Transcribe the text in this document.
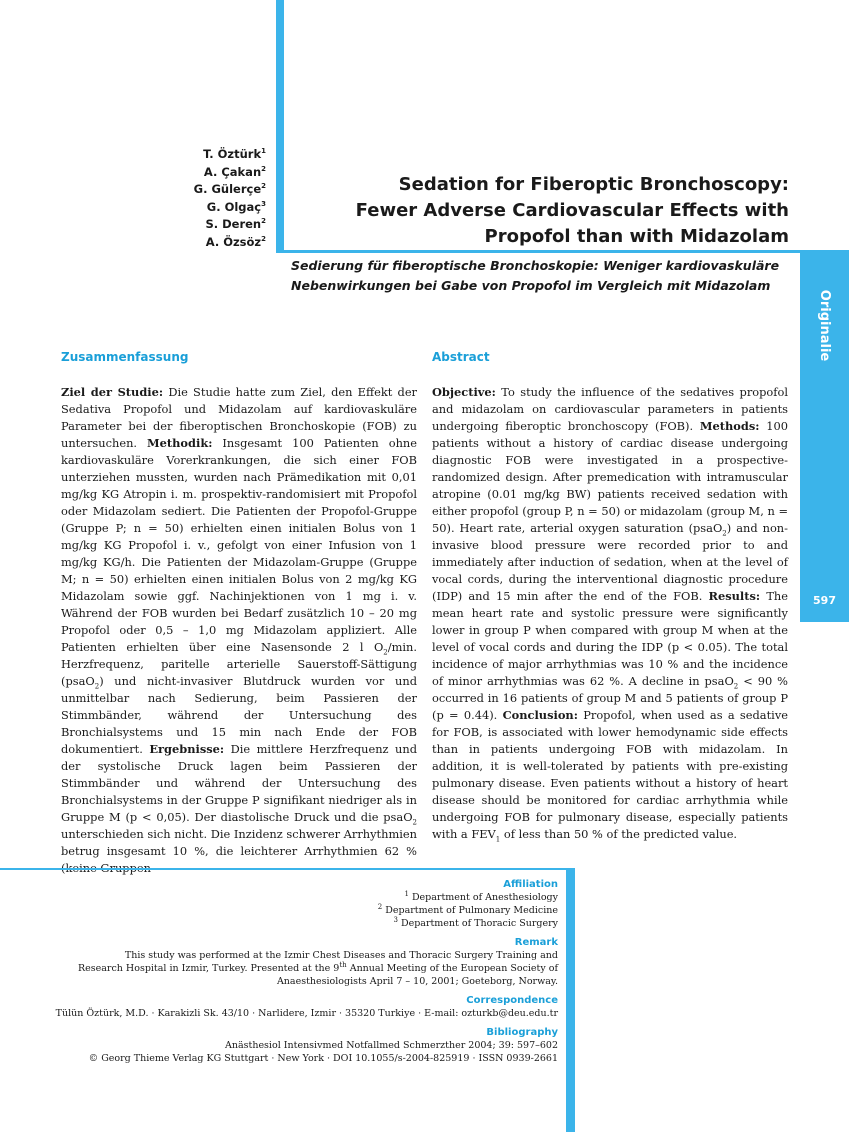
Originalie
597
T. Öztürk$^1$
A. Çakan$^2$
G. Gülerçe$^2$
G. Olgaç$^3$
S. Deren$^2$
A. Özsöz$^2$
Sedation for Fiberoptic Bronchoscopy:
Fewer Adverse Cardiovascular Effects with
Propofol than with Midazolam
Sedierung für fiberoptische Bronchoskopie: Weniger kardiovaskuläre
Nebenwirkungen bei Gabe von Propofol im Vergleich mit Midazolam
Zusammenfassung	Abstract
Ziel der Studie: Die Studie hatte zum Ziel, den Effekt der Sedativa Propofol und Midazolam auf kardiovaskuläre Parameter bei der fiberoptischen Bronchoskopie (FOB) zu untersuchen. Methodik: Insgesamt 100 Patienten ohne kardiovaskuläre Vorerkrankungen, die sich einer FOB unterziehen mussten, wurden nach Prämedikation mit 0,01 mg/kg KG Atropin i. m. prospektiv-randomisiert mit Propofol oder Midazolam sediert. Die Patienten der Propofol-Gruppe (Gruppe P; n = 50) erhielten einen initialen Bolus von 1 mg/kg KG Propofol i. v., gefolgt von einer Infusion von 1 mg/kg KG/h. Die Patienten der Midazolam-Gruppe (Gruppe M; n = 50) erhielten einen initialen Bolus von 2 mg/kg KG Midazolam sowie ggf. Nachinjektionen von 1 mg i. v. Während der FOB wurden bei Bedarf zusätzlich 10 – 20 mg Propofol oder 0,5 – 1,0 mg Midazolam appliziert. Alle Patienten erhielten über eine Nasensonde 2 l $O_2/\min$. Herzfrequenz, paritelle arterielle Sauerstoff-Sättigung (psaO$_2$) und nicht-invasiver Blutdruck wurden vor und unmittelbar nach Sedierung, beim Passieren der Stimmbänder, während der Untersuchung des Bronchialsystems und 15 min nach Ende der FOB dokumentiert. Ergebnisse: Die mittlere Herzfrequenz und der systolische Druck lagen beim Passieren der Stimmbänder und während der Untersuchung des Bronchialsystems in der Gruppe P signifikant niedriger als in Gruppe M (p < 0,05). Der diastolische Druck und die psaO$_2$ unterschieden sich nicht. Die Inzidenz schwerer Arrhythmien betrug insgesamt 10 %, die leichterer Arrhythmien 62 %
Objective: To study the influence of the sedatives propofol and midazolam on cardiovascular parameters in patients undergoing fiberoptic bronchoscopy (FOB). Methods: 100 patients without a history of cardiac disease undergoing diagnostic FOB were investigated in a prospective-randomized design. After premedication with intramuscular atropine (0.01 mg/kg BW) patients received sedation with either propofol (group P, n = 50) or midazolam (group M, n = 50). Heart rate, arterial oxygen saturation (psaO$_2$) and non-invasive blood pressure were recorded prior to and immediately after induction of sedation, when at the level of vocal cords, during the interventional diagnostic procedure (IDP) and 15 min after the end of the FOB. Results: The mean heart rate and systolic pressure were significantly lower in group P when compared with group M when at the level of vocal cords and during the IDP (p < 0.05). The total incidence of major arrhythmias was 10 % and the incidence of minor arrhythmias was 62 %. A decline in psaO$_2$ < 90 % occurred in 16 patients of group M and 5 patients of group P (p = 0.44). Conclusion: Propofol, when used as a sedative for FOB, is associated with lower hemodynamic side effects than in patients undergoing FOB with midazolam. In addition, it is well-tolerated by patients with pre-existing pulmonary disease. Even patients without a history of heart disease should be monitored for cardiac arrhythmia while undergoing FOB for pulmonary disease, especially patients with a $FEV_1$ of less than 50 % of the predicted value.
Affiliation
$^1$ Department of Anesthesiology
$^2$ Department of Pulmonary Medicine
$^3$ Department of Thoracic Surgery
Remark
This study was performed at the Izmir Chest Diseases and Thoracic Surgery Training and
Research Hospital in Izmir, Turkey. Presented at the 9th Annual Meeting of the European Society of
Anaesthesiologists April 7 – 10, 2001; Goeteborg, Norway.
Correspondence
Tülün Öztürk, M.D. · Karakizli Sk. 43/10 · Narlidere, Izmir · 35320 Turkiye · E-mail: ozturkb@deu.edu.tr
Bibliography
Anästhesiol Intensivmed Notfallmed Schmerzther 2004; 39: 597–602
© Georg Thieme Verlag KG Stuttgart · New York · DOI 10.1055/s-2004-825919 · ISSN 0939-2661
